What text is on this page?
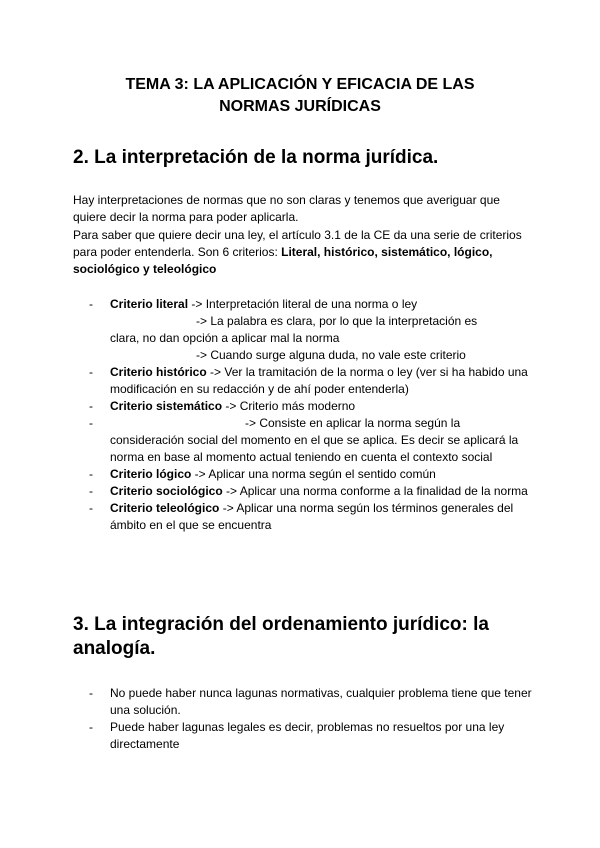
TEMA 3: LA APLICACIÓN Y EFICACIA DE LAS
NORMAS JURÍDICAS
2. La interpretación de la norma jurídica.
Hay interpretaciones de normas que no son claras y tenemos que averiguar que quiere decir la norma para poder aplicarla.
Para saber que quiere decir una ley, el artículo 3.1 de la CE da una serie de criterios para poder entenderla. Son 6 criterios: Literal, histórico, sistemático, lógico, sociológico y teleológico
- Criterio literal -> Interpretación literal de una norma o ley
-> La palabra es clara, por lo que la interpretación es
clara, no dan opción a aplicar mal la norma
-> Cuando surge alguna duda, no vale este criterio
- Criterio histórico -> Ver la tramitación de la norma o ley (ver si ha habido una modificación en su redacción y de ahí poder entenderla)
- Criterio sistemático -> Criterio más moderno
-	-> Consiste en aplicar la norma según la
consideración social del momento en el que se aplica. Es decir se aplicará la norma en base al momento actual teniendo en cuenta el contexto social
- Criterio lógico -> Aplicar una norma según el sentido común
- Criterio sociológico -> Aplicar una norma conforme a la finalidad de la norma
- Criterio teleológico -> Aplicar una norma según los términos generales del ámbito en el que se encuentra
3. La integración del ordenamiento jurídico: la analogía.
- No puede haber nunca lagunas normativas, cualquier problema tiene que tener una solución.
- Puede haber lagunas legales es decir, problemas no resueltos por una ley directamente
